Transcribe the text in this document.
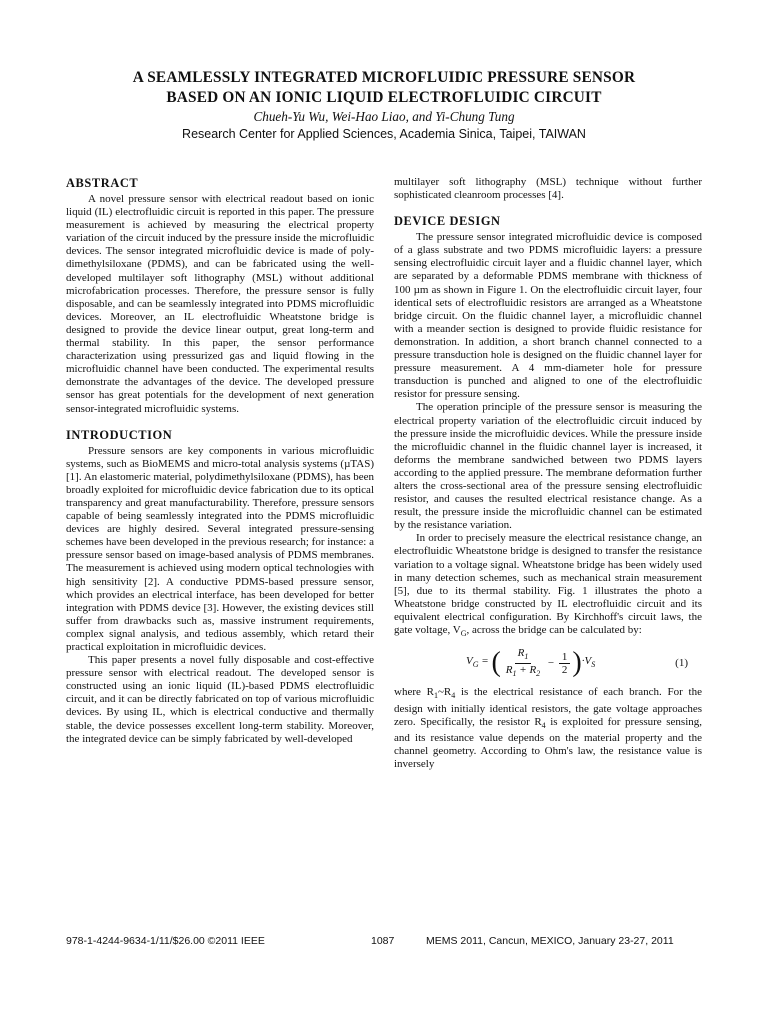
A SEAMLESSLY INTEGRATED MICROFLUIDIC PRESSURE SENSOR
BASED ON AN IONIC LIQUID ELECTROFLUIDIC CIRCUIT
Chueh-Yu Wu, Wei-Hao Liao, and Yi-Chung Tung
Research Center for Applied Sciences, Academia Sinica, Taipei, TAIWAN
ABSTRACT

A novel pressure sensor with electrical readout based on ionic liquid (IL) electrofluidic circuit is reported in this paper. The pressure measurement is achieved by measuring the electrical property variation of the circuit induced by the pressure inside the microfluidic devices. The sensor integrated microfluidic device is made of poly-dimethylsiloxane (PDMS), and can be fabricated using the well-developed multilayer soft lithography (MSL) without additional microfabrication processes. Therefore, the pressure sensor is fully disposable, and can be seamlessly integrated into PDMS microfluidic devices. Moreover, an IL electrofluidic Wheatstone bridge is designed to provide the device linear output, great long-term and thermal stability. In this paper, the sensor performance characterization using pressurized gas and liquid flowing in the microfluidic channel have been conducted. The experimental results demonstrate the advantages of the device. The developed pressure sensor has great potentials for the development of next generation sensor-integrated microfluidic systems.

INTRODUCTION

Pressure sensors are key components in various microfluidic systems, such as BioMEMS and micro-total analysis systems (µTAS) [1]. An elastomeric material, polydimethylsiloxane (PDMS), has been broadly exploited for microfluidic device fabrication due to its optical transparency and great manufacturability. Therefore, pressure sensors capable of being seamlessly integrated into the PDMS microfluidic devices are highly desired. Several integrated pressure-sensing schemes have been developed in the previous research; for instance: a pressure sensor based on image-based analysis of PDMS membranes. The measurement is achieved using modern optical technologies with high sensitivity [2]. A conductive PDMS-based pressure sensor, which provides an electrical interface, has been developed for better integration with PDMS device [3]. However, the existing devices still suffer from drawbacks such as, massive instrument requirements, complex signal analysis, and tedious assembly, which retard their practical exploitation in microfluidic devices.

This paper presents a novel fully disposable and cost-effective pressure sensor with electrical readout. The developed sensor is constructed using an ionic liquid (IL)-based PDMS electrofluidic circuit, and it can be directly fabricated on top of various microfluidic devices. By using IL, which is electrical conductive and thermally stable, the device possesses excellent long-term stability. Moreover, the integrated device can be simply fabricated by well-developed

multilayer soft lithography (MSL) technique without further sophisticated cleanroom processes [4].

DEVICE DESIGN

The pressure sensor integrated microfluidic device is composed of a glass substrate and two PDMS microfluidic layers: a pressure sensing electrofluidic circuit layer and a fluidic channel layer, which are separated by a deformable PDMS membrane with thickness of 100 µm as shown in Figure 1. On the electrofluidic circuit layer, four identical sets of electrofluidic resistors are arranged as a Wheatstone bridge circuit. On the fluidic channel layer, a microfluidic channel with a meander section is designed to provide fluidic resistance for demonstration. In addition, a short branch channel connected to a pressure transduction hole is designed on the fluidic channel layer for pressure measurement. A 4 mm-diameter hole for pressure transduction is punched and aligned to one of the electrofluidic resistor for pressure sensing.

The operation principle of the pressure sensor is measuring the electrical property variation of the electrofluidic circuit induced by the pressure inside the microfluidic devices. While the pressure inside the microfluidic channel in the fluidic channel layer is increased, it deforms the membrane sandwiched between two PDMS layers according to the applied pressure. The membrane deformation further alters the cross-sectional area of the pressure sensing electrofluidic resistor, and causes the resulted electrical resistance change. As a result, the pressure inside the microfluidic channel can be estimated by the resistance variation.

In order to precisely measure the electrical resistance change, an electrofluidic Wheatstone bridge is designed to transfer the resistance variation to a voltage signal. Wheatstone bridge has been widely used in many detection schemes, such as mechanical strain measurement [5], due to its thermal stability. Fig. 1 illustrates the photo a Wheatstone bridge constructed by IL electrofluidic circuit and its equivalent electrical configuration. By Kirchhoff's circuit laws, the gate voltage, $V_G$, across the bridge can be calculated by:

$V_G$ = ( $\frac{R_1}{R_1 + R_2} - \frac{1}{2}$ ) $\cdot V_S$	(1)

where $R_1\sim R_4$ is the electrical resistance of each branch. For the design with initially identical resistors, the gate voltage approaches zero. Specifically, the resistor $R_4$ is exploited for pressure sensing, and its resistance value depends on the material property and the channel geometry. According to Ohm's law, the resistance value is inversely

978-1-4244-9634-1/11/$26.00 ©2011 IEEE	1087	MEMS 2011, Cancun, MEXICO, January 23-27, 2011
